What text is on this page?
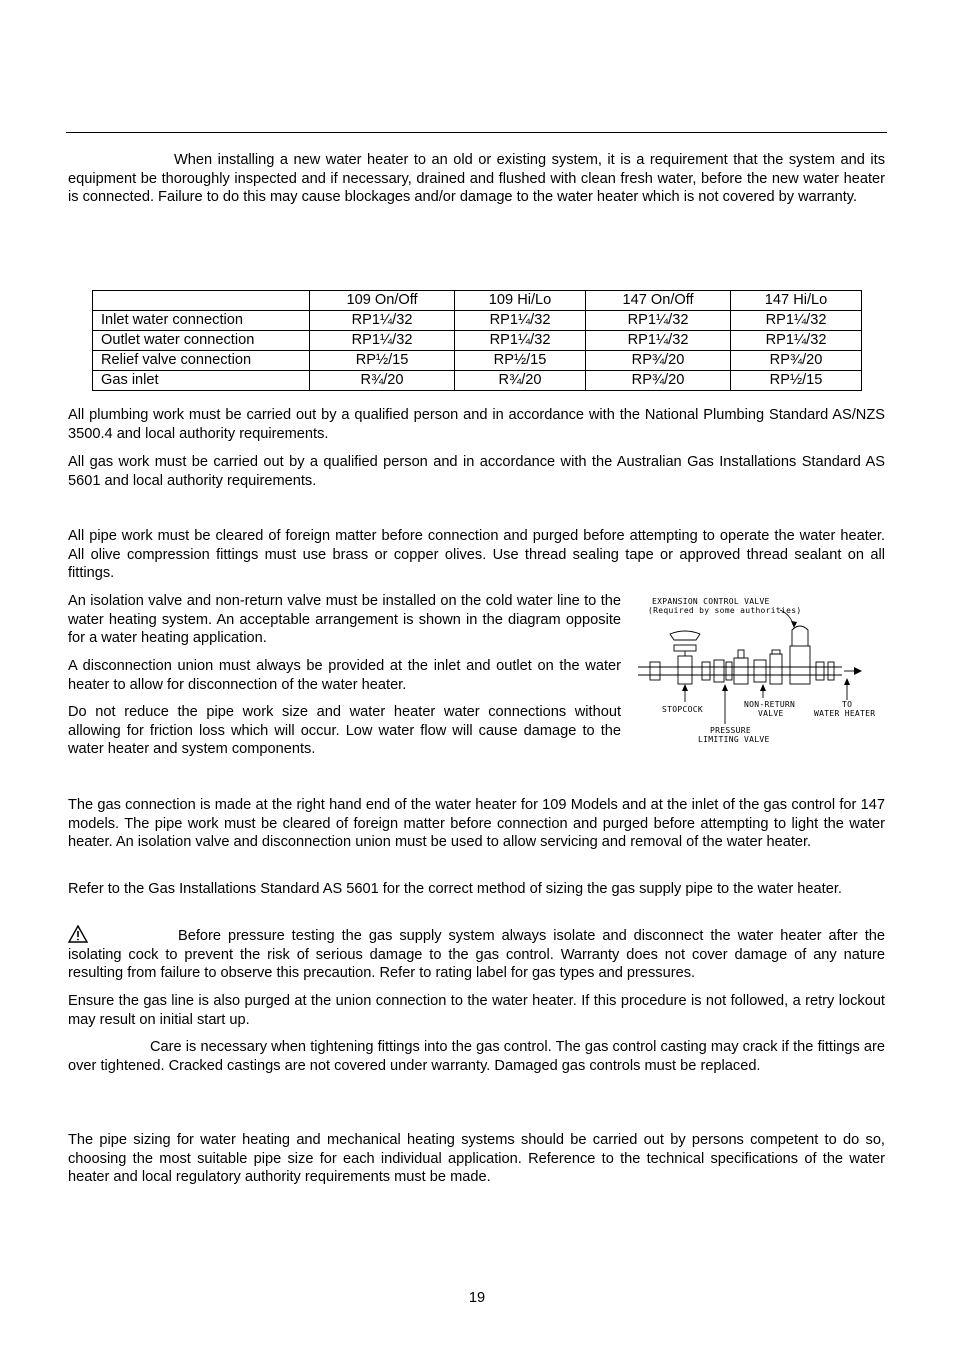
When installing a new water heater to an old or existing system, it is a requirement that the system and its equipment be thoroughly inspected and if necessary, drained and flushed with clean fresh water, before the new water heater is connected. Failure to do this may cause blockages and/or damage to the water heater which is not covered by warranty.

	109 On/Off	109 Hi/Lo	147 On/Off	147 Hi/Lo
Inlet water connection	RP1¼/32	RP1¼/32	RP1¼/32	RP1¼/32
Outlet water connection	RP1¼/32	RP1¼/32	RP1¼/32	RP1¼/32
Relief valve connection	RP½/15	RP½/15	RP¾/20	RP¾/20
Gas inlet	R¾/20	R¾/20	RP¾/20	RP½/15

All plumbing work must be carried out by a qualified person and in accordance with the National Plumbing Standard AS/NZS 3500.4 and local authority requirements.

All gas work must be carried out by a qualified person and in accordance with the Australian Gas Installations Standard AS 5601 and local authority requirements.

All pipe work must be cleared of foreign matter before connection and purged before attempting to operate the water heater. All olive compression fittings must use brass or copper olives. Use thread sealing tape or approved thread sealant on all fittings.

An isolation valve and non-return valve must be installed on the cold water line to the water heating system. An acceptable arrangement is shown in the diagram opposite for a water heating application.

A disconnection union must always be provided at the inlet and outlet on the water heater to allow for disconnection of the water heater.

Do not reduce the pipe work size and water heater water connections without allowing for friction loss which will occur. Low water flow will cause damage to the water heater and system components.

EXPANSION CONTROL VALVE
(Required by some authorities)
STOPCOCK
NON-RETURN
VALVE
TO
WATER HEATER
PRESSURE
LIMITING VALVE

The gas connection is made at the right hand end of the water heater for 109 Models and at the inlet of the gas control for 147 models. The pipe work must be cleared of foreign matter before connection and purged before attempting to light the water heater. An isolation valve and disconnection union must be used to allow servicing and removal of the water heater.

Refer to the Gas Installations Standard AS 5601 for the correct method of sizing the gas supply pipe to the water heater.

Before pressure testing the gas supply system always isolate and disconnect the water heater after the isolating cock to prevent the risk of serious damage to the gas control. Warranty does not cover damage of any nature resulting from failure to observe this precaution. Refer to rating label for gas types and pressures.

Ensure the gas line is also purged at the union connection to the water heater. If this procedure is not followed, a retry lockout may result on initial start up.

Care is necessary when tightening fittings into the gas control. The gas control casting may crack if the fittings are over tightened. Cracked castings are not covered under warranty. Damaged gas controls must be replaced.

The pipe sizing for water heating and mechanical heating systems should be carried out by persons competent to do so, choosing the most suitable pipe size for each individual application. Reference to the technical specifications of the water heater and local regulatory authority requirements must be made.

19
